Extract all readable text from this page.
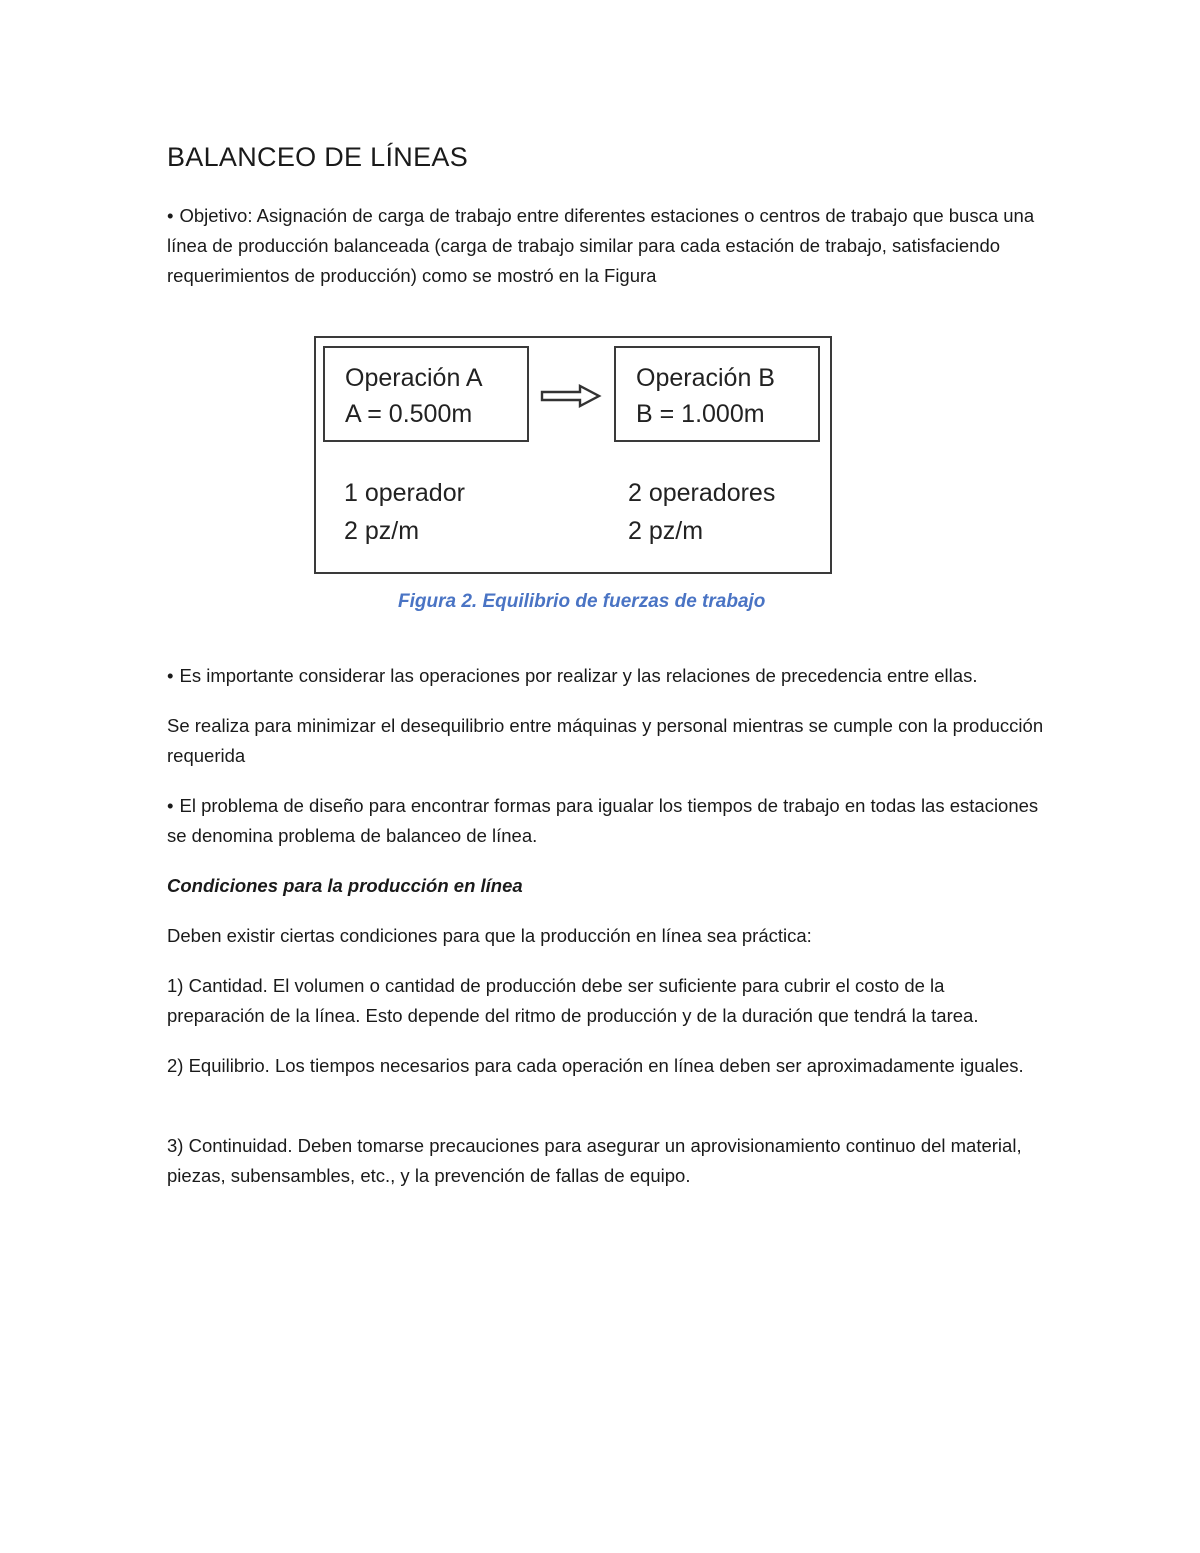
BALANCEO DE LÍNEAS
• Objetivo: Asignación de carga de trabajo entre diferentes estaciones o centros de trabajo que busca una línea de producción balanceada (carga de trabajo similar para cada estación de trabajo, satisfaciendo requerimientos de producción) como se mostró en la Figura
Operación A
A = 0.500m
Operación B
B = 1.000m
1 operador
2 pz/m
2 operadores
2 pz/m
Figura 2. Equilibrio de fuerzas de trabajo
• Es importante considerar las operaciones por realizar y las relaciones de precedencia entre ellas.
Se realiza para minimizar el desequilibrio entre máquinas y personal mientras se cumple con la producción requerida
• El problema de diseño para encontrar formas para igualar los tiempos de trabajo en todas las estaciones se denomina problema de balanceo de línea.
Condiciones para la producción en línea
Deben existir ciertas condiciones para que la producción en línea sea práctica:
1) Cantidad. El volumen o cantidad de producción debe ser suficiente para cubrir el costo de la preparación de la línea. Esto depende del ritmo de producción y de la duración que tendrá la tarea.
2) Equilibrio. Los tiempos necesarios para cada operación en línea deben ser aproximadamente iguales.
3) Continuidad. Deben tomarse precauciones para asegurar un aprovisionamiento continuo del material, piezas, subensambles, etc., y la prevención de fallas de equipo.
